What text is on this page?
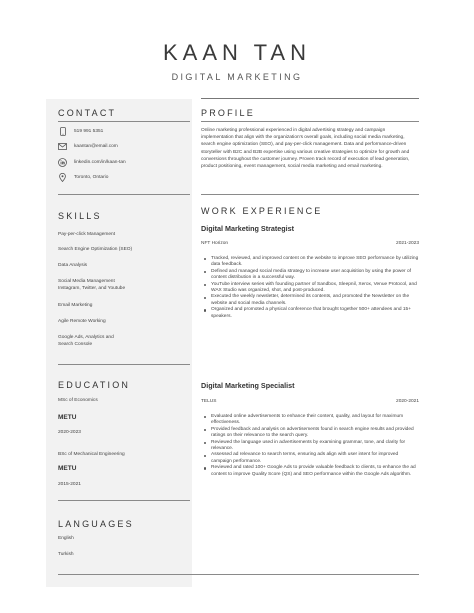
KAAN TAN
DIGITAL MARKETING
CONTACT
519 991 5351
kaantan@email.com
linkedin.com/in/kaan-tan
Toronto, Ontario
SKILLS
Pay-per-click Management
Search Engine Optimization (SEO)
Data Analysis
Social Media Management Instagram, Twitter, and Youtube
Email Marketing
Agile Remote Working
Google Ads, Analytics and Search Console
EDUCATION
MSc of Economics
METU
2020-2023
BSc of Mechanical Engineering
METU
2015-2021
LANGUAGES
English
Turkish
PROFILE

Online marketing professional experienced in digital advertising strategy and campaign implementation that align with the organization's overall goals, including social media marketing, search engine optimization (SEO), and pay-per-click management. Data and performance-driven storyteller with B2C and B2B expertise using various creative strategies to optimize for growth and conversions throughout the customer journey. Proven track record of execution of lead generation, product positioning, event management, social media marketing and email marketing.

WORK EXPERIENCE
Digital Marketing Strategist
NFT Horizon	2021-2023
Tracked, reviewed, and improved content on the website to improve SEO performance by utilizing data feedback.
Defined and managed social media strategy to increase user acquisition by using the power of content distribution in a successful way.
YouTube interview series with founding partner of Sandbox, Sleepnil, Xerox, Venue Protocol, and WAX Studio was organized, shot, and post-produced.
Executed the weekly newsletter, determined its contents, and promoted the Newsletter on the website and social media channels.
Organized and promoted a physical conference that brought together 500+ attendees and 15+ speakers.
Digital Marketing Specialist
TELUS	2020-2021
Evaluated online advertisements to enhance their content, quality, and layout for maximum effectiveness.
Provided feedback and analysis on advertisements found in search engine results and provided ratings on their relevance to the search query.
Reviewed the language used in advertisements by examining grammar, tone, and clarity for relevance.
Assessed ad relevance to search terms, ensuring ads align with user intent for improved campaign performance.
Reviewed and rated 100+ Google Ads to provide valuable feedback to clients, to enhance the ad content to improve Quality Score (QS) and SEO performance within the Google Ads algorithm.
